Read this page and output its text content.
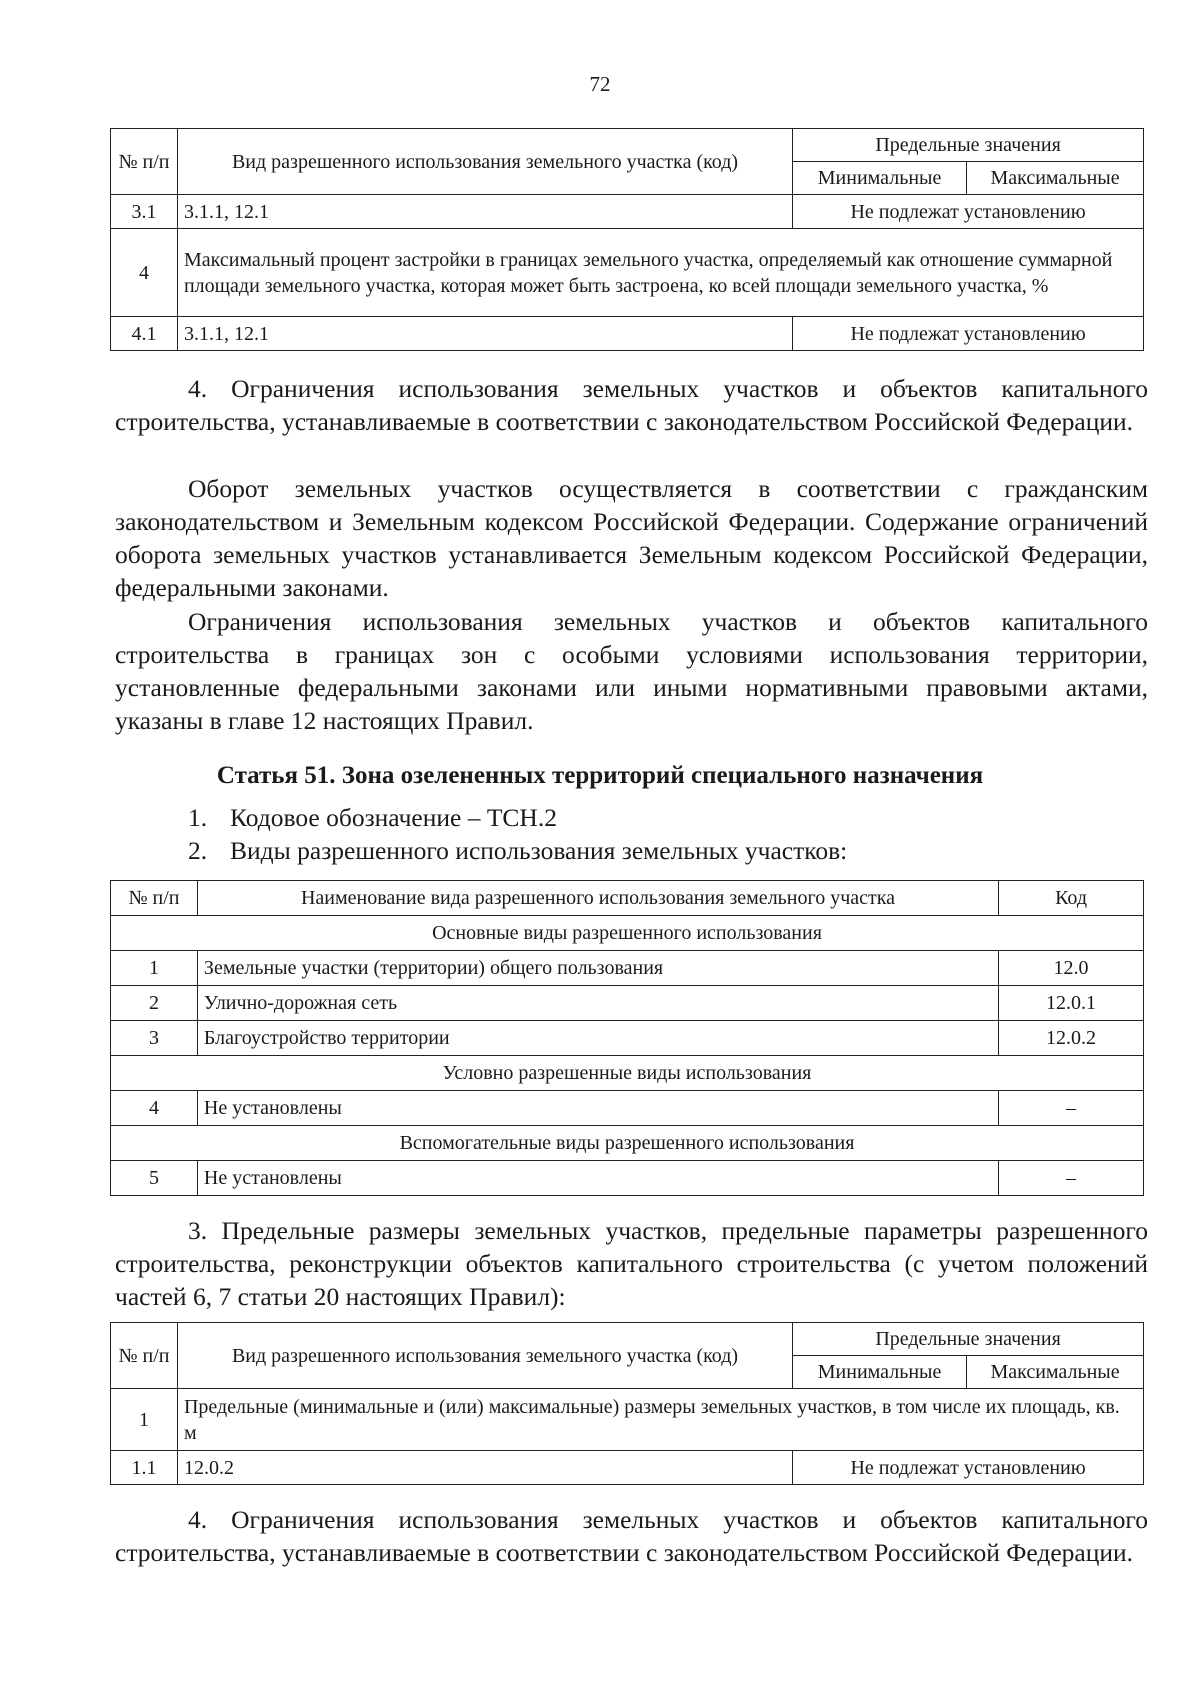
72
№ п/п	Вид разрешенного использования земельного участка (код)	Предельные значения	
		Минимальные	Максимальные
3.1	3.1.1, 12.1	Не подлежат установлению	
4	Максимальный процент застройки в границах земельного участка, определяемый как отношение суммарной площади земельного участка, которая может быть застроена, ко всей площади земельного участка, %		
4.1	3.1.1, 12.1	Не подлежат установлению	

4. Ограничения использования земельных участков и объектов капитального строительства, устанавливаемые в соответствии с законодательством Российской Федерации.

Оборот земельных участков осуществляется в соответствии с гражданским законодательством и Земельным кодексом Российской Федерации. Содержание ограничений оборота земельных участков устанавливается Земельным кодексом Российской Федерации, федеральными законами.

Ограничения использования земельных участков и объектов капитального строительства в границах зон с особыми условиями использования территории, установленные федеральными законами или иными нормативными правовыми актами, указаны в главе 12 настоящих Правил.

Статья 51. Зона озелененных территорий специального назначения
1. Кодовое обозначение – ТСН.2
2. Виды разрешенного использования земельных участков:
№ п/п	Наименование вида разрешенного использования земельного участка	Код
Основные виды разрешенного использования		
1	Земельные участки (территории) общего пользования	12.0
2	Улично-дорожная сеть	12.0.1
3	Благоустройство территории	12.0.2
Условно разрешенные виды использования		
4	Не установлены	–
Вспомогательные виды разрешенного использования		
5	Не установлены	–

3. Предельные размеры земельных участков, предельные параметры разрешенного строительства, реконструкции объектов капитального строительства (с учетом положений частей 6, 7 статьи 20 настоящих Правил):

№ п/п	Вид разрешенного использования земельного участка (код)	Предельные значения	
		Минимальные	Максимальные
1	Предельные (минимальные и (или) максимальные) размеры земельных участков, в том числе их площадь, кв. м		
1.1	12.0.2	Не подлежат установлению	

4. Ограничения использования земельных участков и объектов капитального строительства, устанавливаемые в соответствии с законодательством Российской Федерации.
